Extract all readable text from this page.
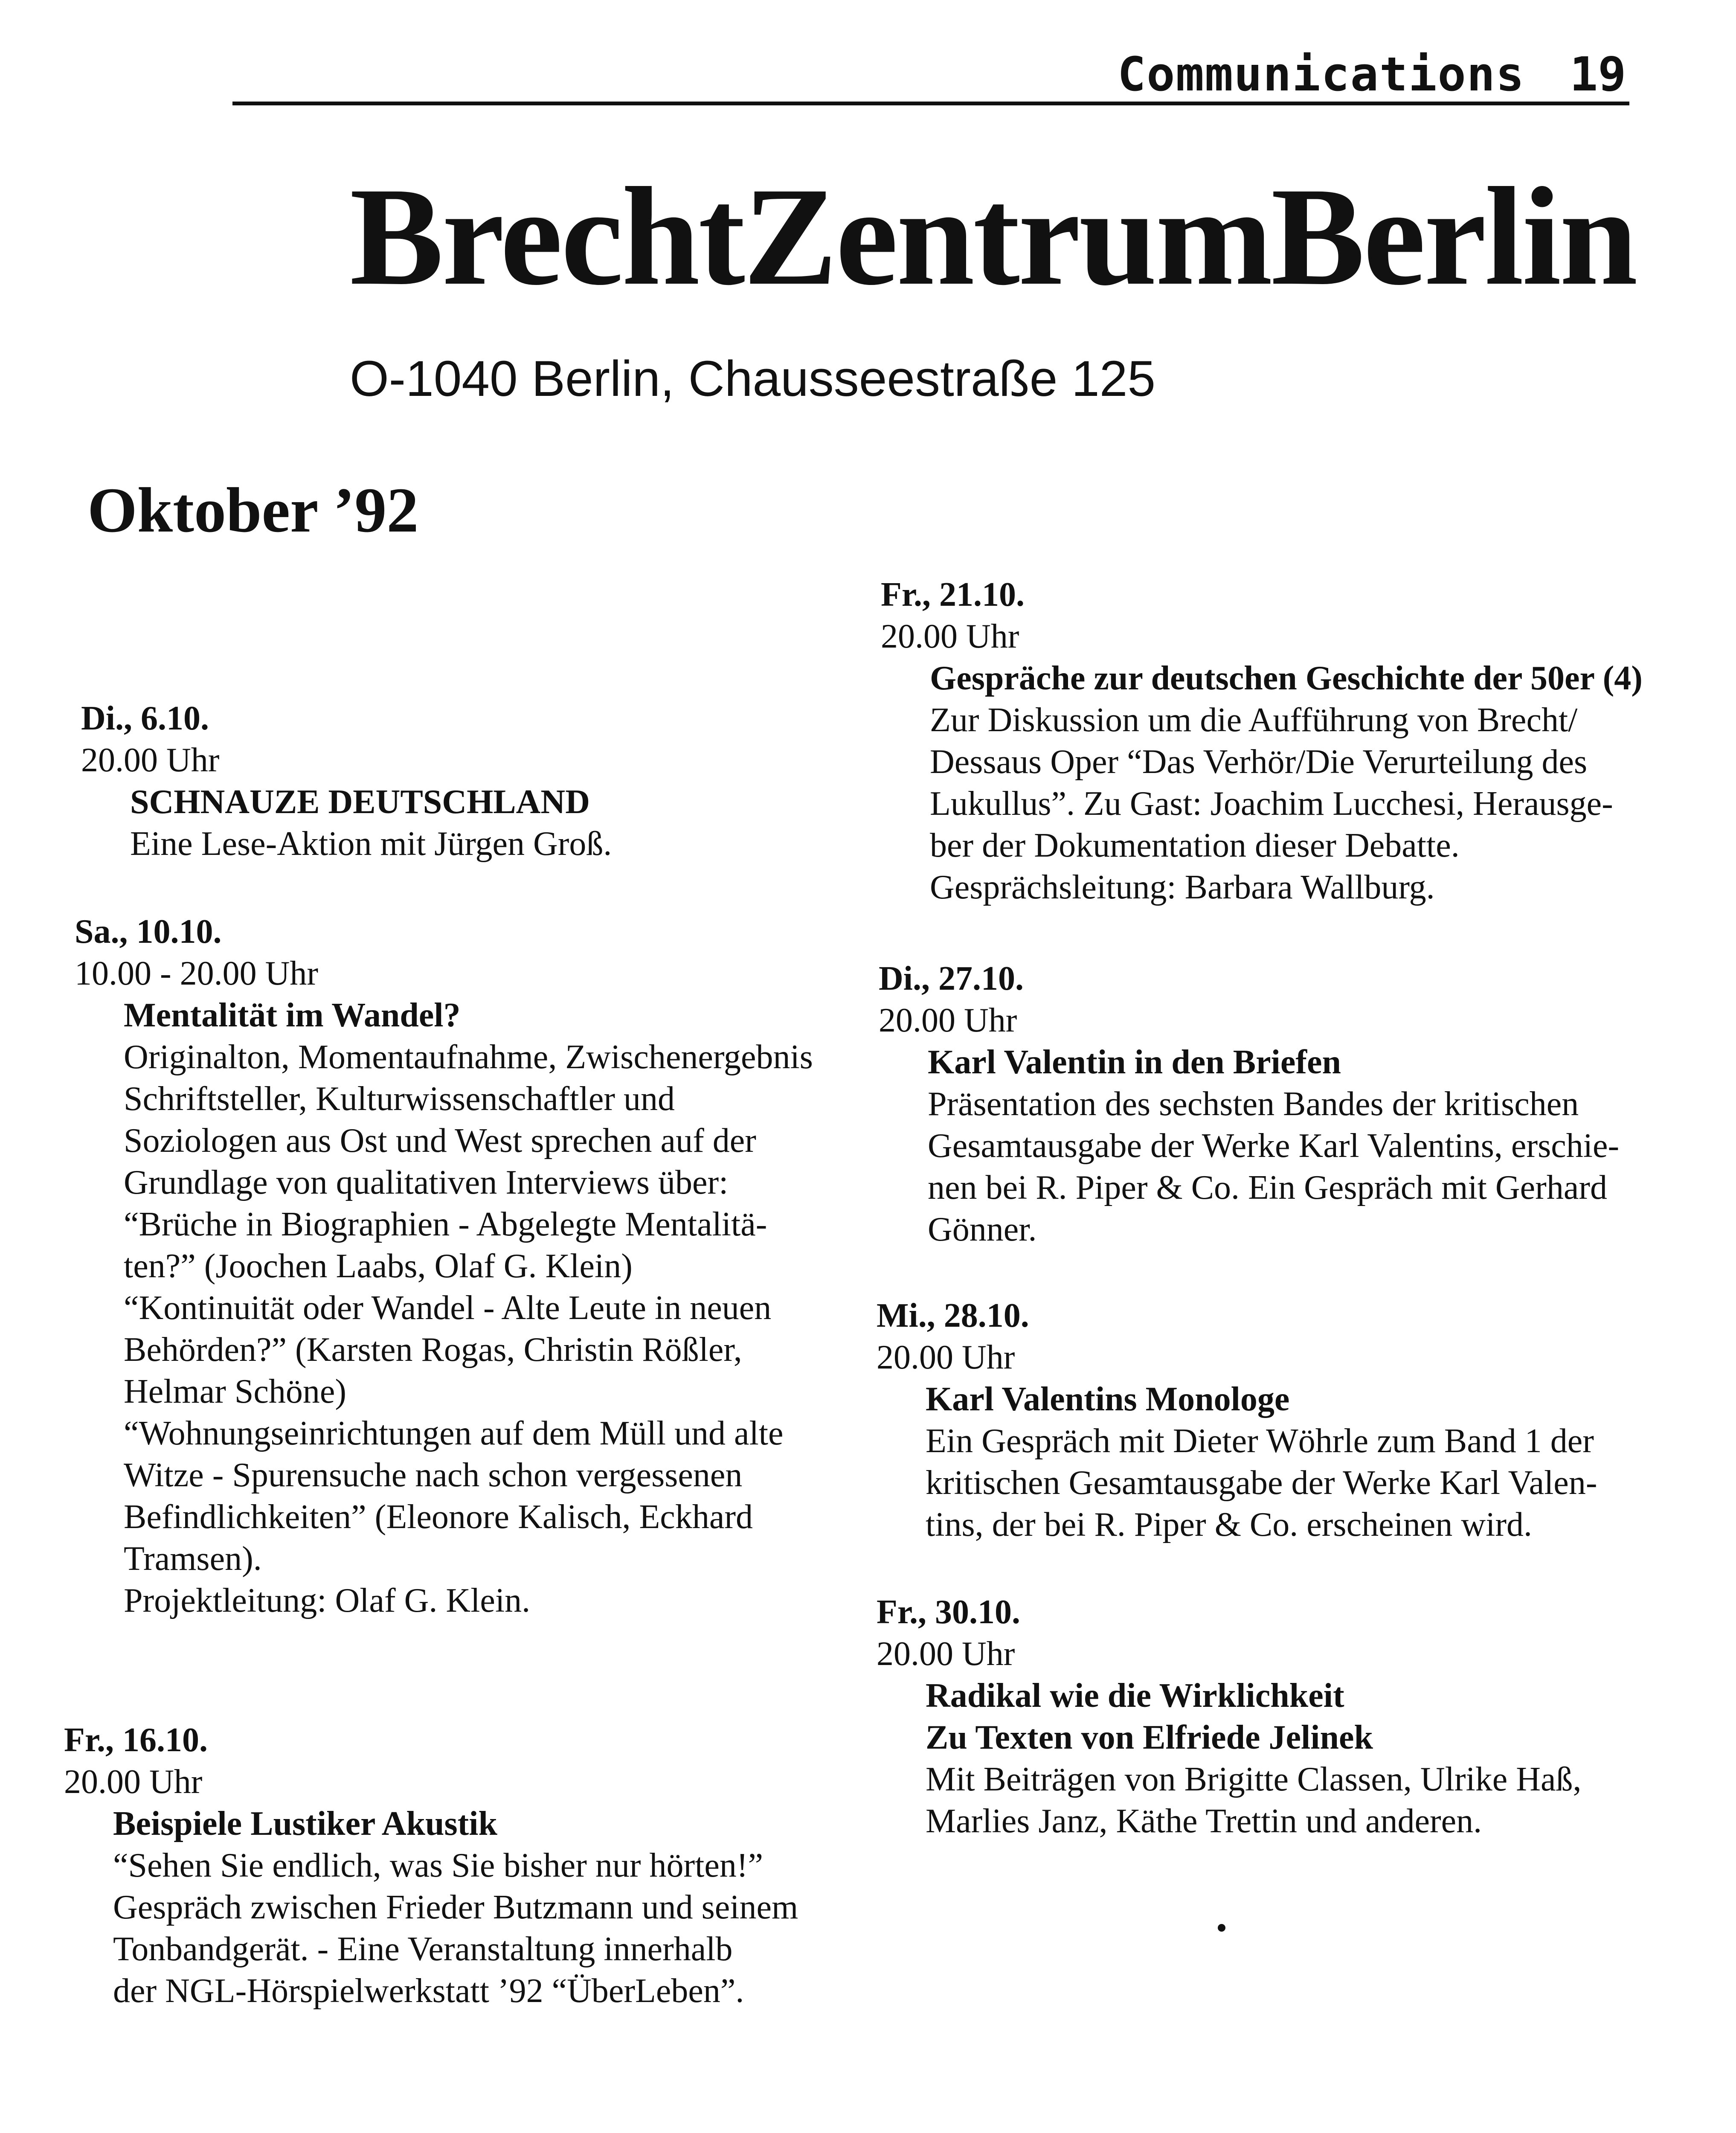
Communications 19
BrechtZentrumBerlin
O-1040 Berlin, Chausseestraße 125
Oktober ’92
Di., 6.10.
20.00 Uhr
SCHNAUZE DEUTSCHLAND
Eine Lese-Aktion mit Jürgen Groß.
Sa., 10.10.
10.00 - 20.00 Uhr
Mentalität im Wandel?
Originalton, Momentaufnahme, Zwischenergebnis
Schriftsteller, Kulturwissenschaftler und
Soziologen aus Ost und West sprechen auf der
Grundlage von qualitativen Interviews über:
“Brüche in Biographien - Abgelegte Mentalitä-
ten?” (Joochen Laabs, Olaf G. Klein)
“Kontinuität oder Wandel - Alte Leute in neuen
Behörden?” (Karsten Rogas, Christin Rößler,
Helmar Schöne)
“Wohnungseinrichtungen auf dem Müll und alte
Witze - Spurensuche nach schon vergessenen
Befindlichkeiten” (Eleonore Kalisch, Eckhard
Tramsen).
Projektleitung: Olaf G. Klein.
Fr., 16.10.
20.00 Uhr
Beispiele Lustiker Akustik
“Sehen Sie endlich, was Sie bisher nur hörten!”
Gespräch zwischen Frieder Butzmann und seinem
Tonbandgerät. - Eine Veranstaltung innerhalb
der NGL-Hörspielwerkstatt ’92 “ÜberLeben”.
Fr., 21.10.
20.00 Uhr
Gespräche zur deutschen Geschichte der 50er (4)
Zur Diskussion um die Aufführung von Brecht/
Dessaus Oper “Das Verhör/Die Verurteilung des
Lukullus”. Zu Gast: Joachim Lucchesi, Herausge-
ber der Dokumentation dieser Debatte.
Gesprächsleitung: Barbara Wallburg.
Di., 27.10.
20.00 Uhr
Karl Valentin in den Briefen
Präsentation des sechsten Bandes der kritischen
Gesamtausgabe der Werke Karl Valentins, erschie-
nen bei R. Piper & Co. Ein Gespräch mit Gerhard
Gönner.
Mi., 28.10.
20.00 Uhr
Karl Valentins Monologe
Ein Gespräch mit Dieter Wöhrle zum Band 1 der
kritischen Gesamtausgabe der Werke Karl Valen-
tins, der bei R. Piper & Co. erscheinen wird.
Fr., 30.10.
20.00 Uhr
Radikal wie die Wirklichkeit
Zu Texten von Elfriede Jelinek
Mit Beiträgen von Brigitte Classen, Ulrike Haß,
Marlies Janz, Käthe Trettin und anderen.
